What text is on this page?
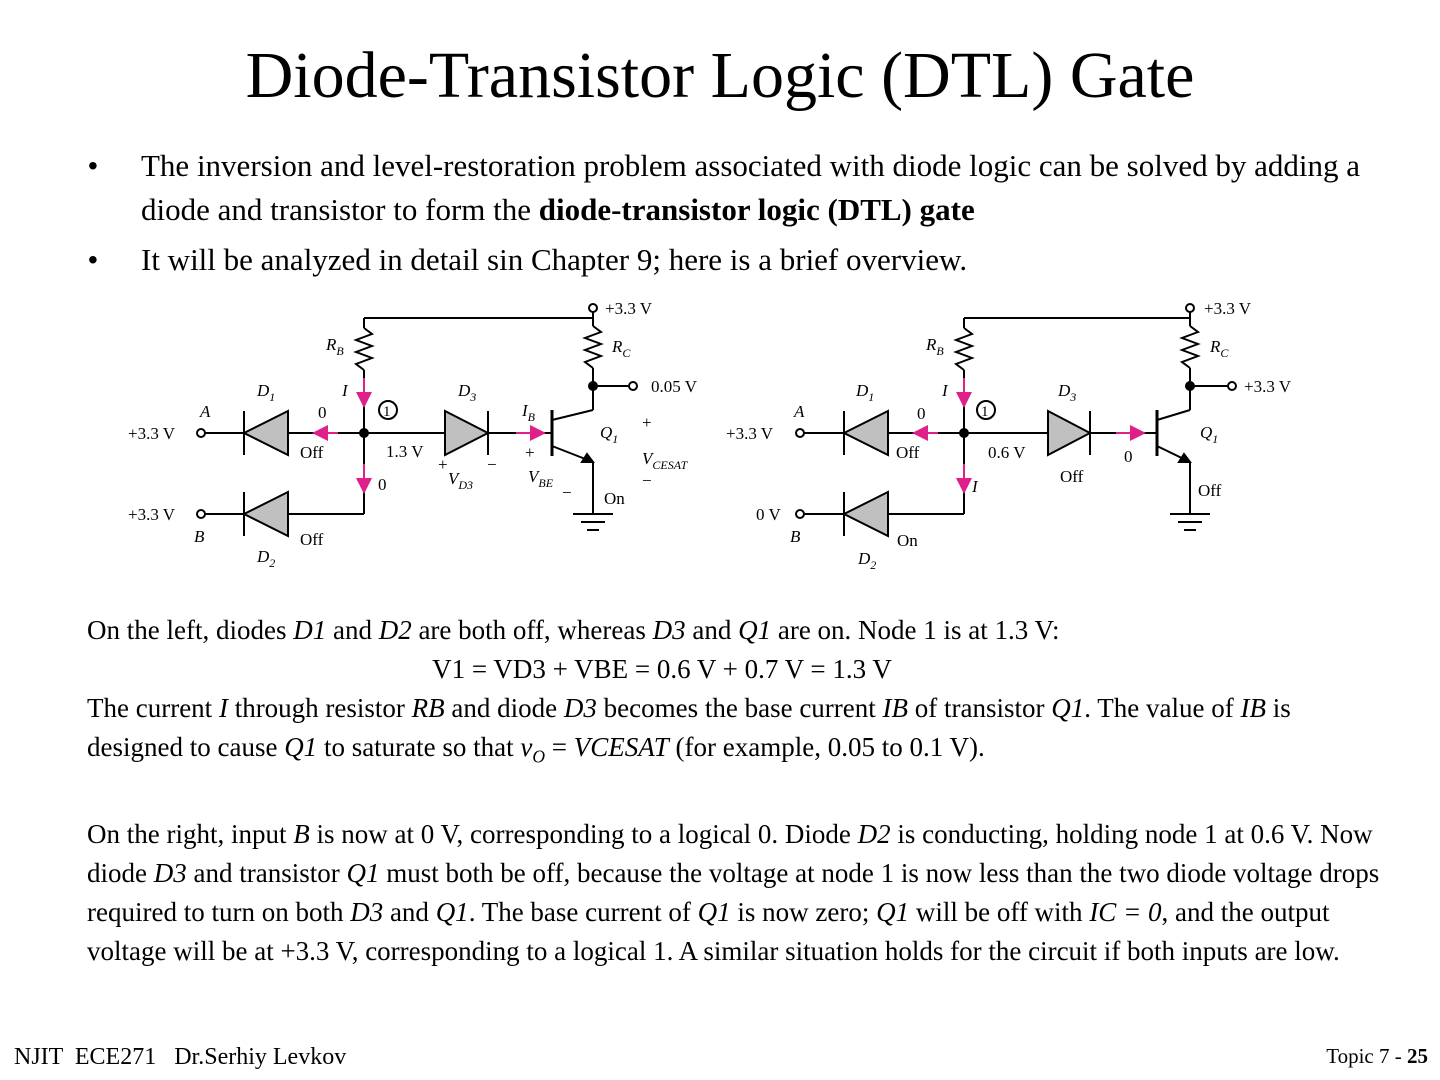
Diode-Transistor Logic (DTL) Gate
• The inversion and level-restoration problem associated with diode logic can be solved by adding a diode and transistor to form the diode-transistor logic (DTL) gate
• It will be analyzed in detail sin Chapter 9; here is a brief overview.
+3.3 V
$R_B$	$R_C$
0.05 V
$D_1$
$D_2$
$D_3$
I
$I_B$
$Q_1$
1
A
+3.3 V
+3.3 V
B
0
0
Off
Off
1.3 V
+ −
$V_{D3}$
+
$V_{BE}$ −
+
$V_{CESAT}$
−
On
+3.3 V
$R_B$	$R_C$
+3.3 V
$D_1$
$D_2$
$D_3$
I
I
$Q_1$
1
A
+3.3 V
0 V
B
0
Off
On
0.6 V
Off
0
Off
On the left, diodes D1 and D2 are both off, whereas D3 and Q1 are on. Node 1 is at 1.3 V:
V1 = VD3 + VBE = 0.6 V + 0.7 V = 1.3 V
The current I through resistor RB and diode D3 becomes the base current IB of transistor Q1. The value of IB is designed to cause Q1 to saturate so that $v_O$ = VCESAT (for example, 0.05 to 0.1 V).
On the right, input B is now at 0 V, corresponding to a logical 0. Diode D2 is conducting, holding node 1 at 0.6 V. Now diode D3 and transistor Q1 must both be off, because the voltage at node 1 is now less than the two diode voltage drops required to turn on both D3 and Q1. The base current of Q1 is now zero; Q1 will be off with IC = 0, and the output voltage will be at +3.3 V, corresponding to a logical 1. A similar situation holds for the circuit if both inputs are low.
NJIT  ECE271   Dr.Serhiy Levkov	Topic 7 - 25
